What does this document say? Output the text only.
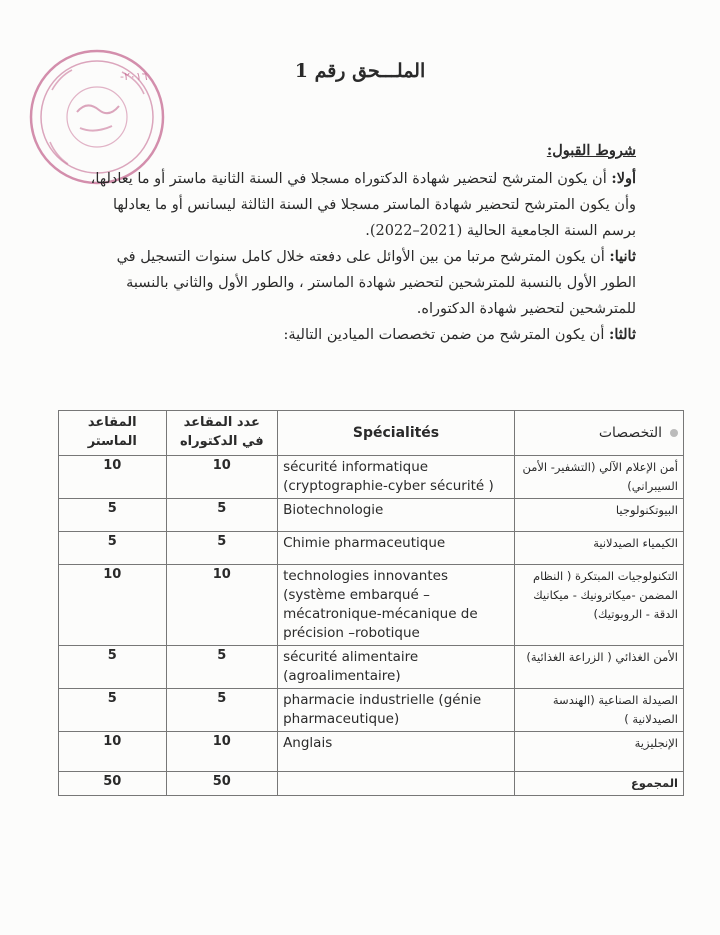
-٢٠١٦	الملـــحق رقم 1

شروط القبول:

أولا: أن يكون المترشح لتحضير شهادة الدكتوراه مسجلا في السنة الثانية ماستر أو ما يعادلها، وأن يكون المترشح لتحضير شهادة الماستر مسجلا في السنة الثالثة ليسانس أو ما يعادلها برسم السنة الجامعية الحالية (2021–2022).

ثانيا: أن يكون المترشح مرتبا من بين الأوائل على دفعته خلال كامل سنوات التسجيل في الطور الأول بالنسبة للمترشحين لتحضير شهادة الماستر ، والطور الأول والثاني بالنسبة للمترشحين لتحضير شهادة الدكتوراه.

ثالثا: أن يكون المترشح من ضمن تخصصات الميادين التالية:

المقاعد الماستر	عدد المقاعد في الدكتوراه	Spécialités	التخصصات
10	10	sécurité informatique (cryptographie-cyber sécurité )	أمن الإعلام الآلي (التشفير- الأمن السيبراني)
5	5	Biotechnologie	البيوتكنولوجيا
5	5	Chimie pharmaceutique	الكيمياء الصيدلانية
10	10	technologies innovantes (système embarqué –mécatronique-mécanique de précision –robotique	التكنولوجيات المبتكرة ( النظام المضمن -ميكاترونيك - ميكانيك الدقة - الروبوتيك)
5	5	sécurité alimentaire (agroalimentaire)	الأمن الغذائي ( الزراعة الغذائية)
5	5	pharmacie industrielle (génie pharmaceutique)	الصيدلة الصناعية (الهندسة الصيدلانية )
10	10	Anglais	الإنجليزية
50	50		المجموع
